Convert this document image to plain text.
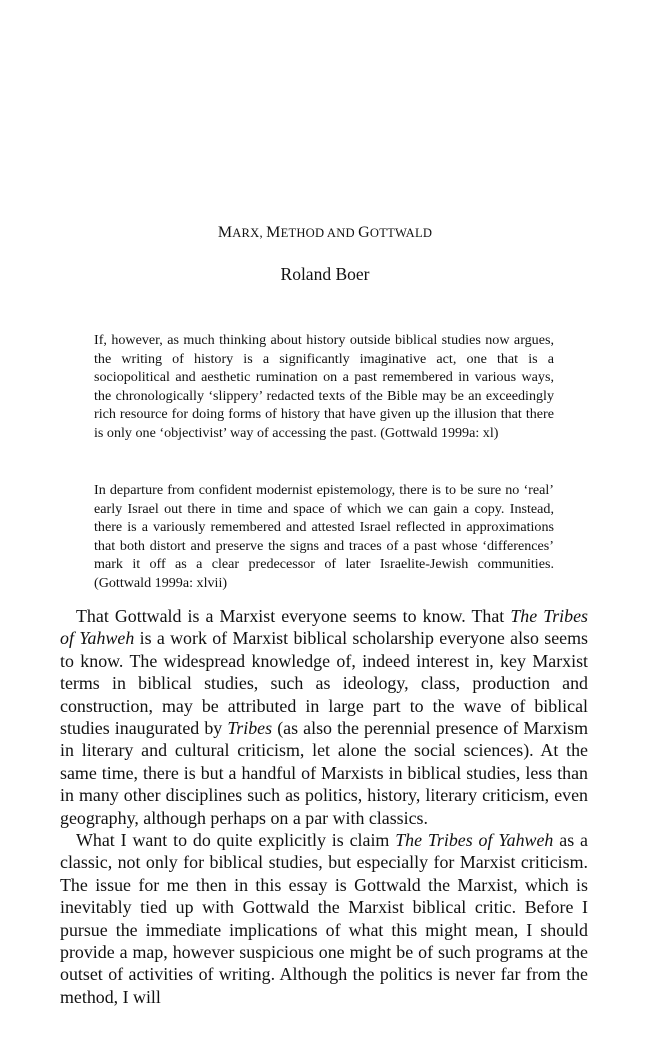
MARX, METHOD AND GOTTWALD
Roland Boer

If, however, as much thinking about history outside biblical studies now argues, the writing of history is a significantly imaginative act, one that is a sociopolitical and aesthetic rumination on a past remembered in various ways, the chronologically ‘slippery’ redacted texts of the Bible may be an exceedingly rich resource for doing forms of history that have given up the illusion that there is only one ‘objectivist’ way of accessing the past. (Gottwald 1999a: xl)

In departure from confident modernist epistemology, there is to be sure no ‘real’ early Israel out there in time and space of which we can gain a copy. Instead, there is a variously remembered and attested Israel reflected in approximations that both distort and preserve the signs and traces of a past whose ‘differences’ mark it off as a clear predecessor of later Israelite-Jewish communities. (Gottwald 1999a: xlvii)

That Gottwald is a Marxist everyone seems to know. That The Tribes of Yahweh is a work of Marxist biblical scholarship everyone also seems to know. The widespread knowledge of, indeed interest in, key Marxist terms in biblical studies, such as ideology, class, production and construction, may be attributed in large part to the wave of biblical studies inaugurated by Tribes (as also the perennial presence of Marxism in literary and cultural criticism, let alone the social sciences). At the same time, there is but a handful of Marxists in biblical studies, less than in many other disciplines such as politics, history, literary criticism, even geography, although perhaps on a par with classics.

What I want to do quite explicitly is claim The Tribes of Yahweh as a classic, not only for biblical studies, but especially for Marxist criticism. The issue for me then in this essay is Gottwald the Marxist, which is inevitably tied up with Gottwald the Marxist biblical critic. Before I pursue the immediate implications of what this might mean, I should provide a map, however suspicious one might be of such programs at the outset of activities of writing. Although the politics is never far from the method, I will
